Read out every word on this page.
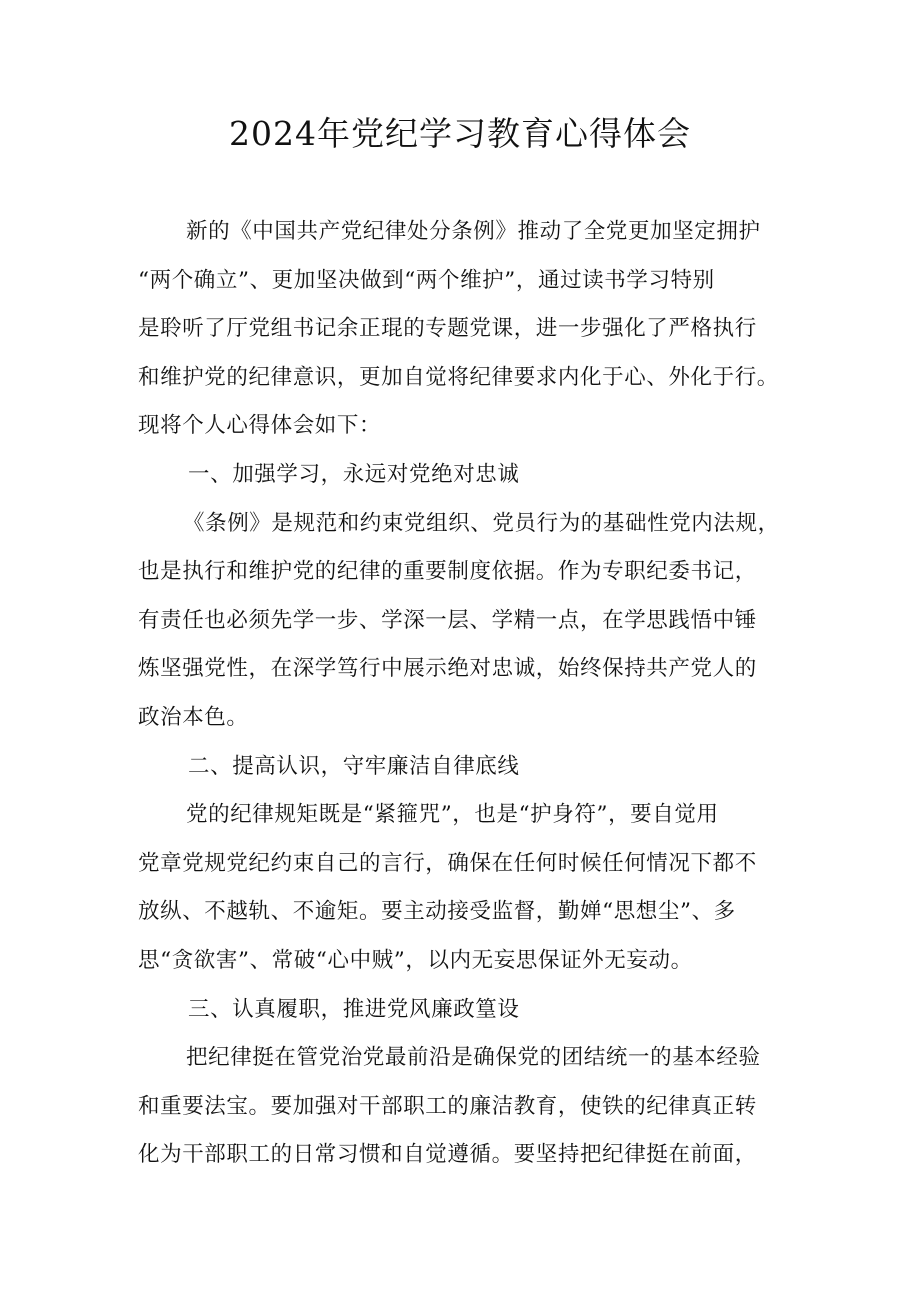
2024年党纪学习教育心得体会
新的《中国共产党纪律处分条例》推动了全党更加坚定拥护
“两个确立”、更加坚决做到“两个维护”，通过读书学习特别
是聆听了厅党组书记余正琨的专题党课，进一步强化了严格执行
和维护党的纪律意识，更加自觉将纪律要求内化于心、外化于行。
现将个人心得体会如下：
一、加强学习，永远对党绝对忠诚
《条例》是规范和约束党组织、党员行为的基础性党内法规，
也是执行和维护党的纪律的重要制度依据。作为专职纪委书记，
有责任也必须先学一步、学深一层、学精一点，在学思践悟中锤
炼坚强党性，在深学笃行中展示绝对忠诚，始终保持共产党人的
政治本色。
二、提高认识，守牢廉洁自律底线
党的纪律规矩既是“紧箍咒”，也是“护身符”，要自觉用
党章党规党纪约束自己的言行，确保在任何时候任何情况下都不
放纵、不越轨、不逾矩。要主动接受监督，勤婵“思想尘”、多
思“贪欲害”、常破“心中贼”，以内无妄思保证外无妄动。
三、认真履职，推进党风廉政篁设
把纪律挺在管党治党最前沿是确保党的团结统一的基本经验
和重要法宝。要加强对干部职工的廉洁教育，使铁的纪律真正转
化为干部职工的日常习惯和自觉遵循。要坚持把纪律挺在前面，
